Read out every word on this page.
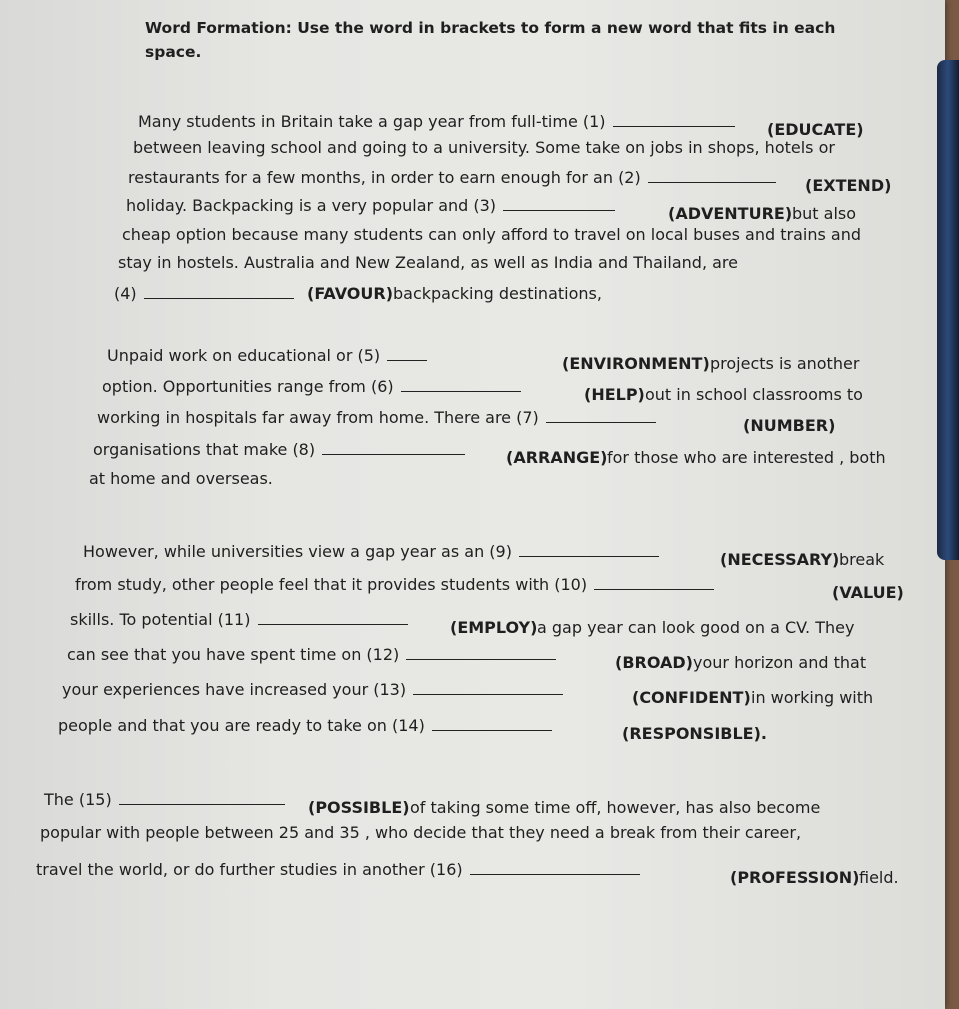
Word Formation: Use the word in brackets to form a new word that fits in each space.
Many students in Britain take a gap year from full-time (1)	(EDUCATE)
between leaving school and going to a university. Some take on jobs in shops, hotels or
restaurants for a few months, in order to earn enough for an (2)	(EXTEND)
holiday. Backpacking is a very popular and (3)	(ADVENTURE) but also
cheap option because many students can only afford to travel on local buses and trains and
stay in hostels. Australia and New Zealand, as well as India and Thailand, are
(4)	(FAVOUR) backpacking destinations,
Unpaid work on educational or (5)	(ENVIRONMENT) projects is another
option. Opportunities range from (6)	(HELP) out in school classrooms to
working in hospitals far away from home. There are (7)	(NUMBER)
organisations that make (8)	(ARRANGE) for those who are interested , both
at home and overseas.
However, while universities view a gap year as an (9)	(NECESSARY) break
from study, other people feel that it provides students with (10)	(VALUE)
skills. To potential (11)	(EMPLOY) a gap year can look good on a CV. They
can see that you have spent time on (12)	(BROAD) your horizon and that
your experiences have increased your (13)	(CONFIDENT) in working with
people and that you are ready to take on (14)	(RESPONSIBLE).
The (15)	(POSSIBLE) of taking some time off, however, has also become
popular with people between 25 and 35 , who decide that they need a break from their career,
travel the world, or do further studies in another (16)	(PROFESSION) field.
